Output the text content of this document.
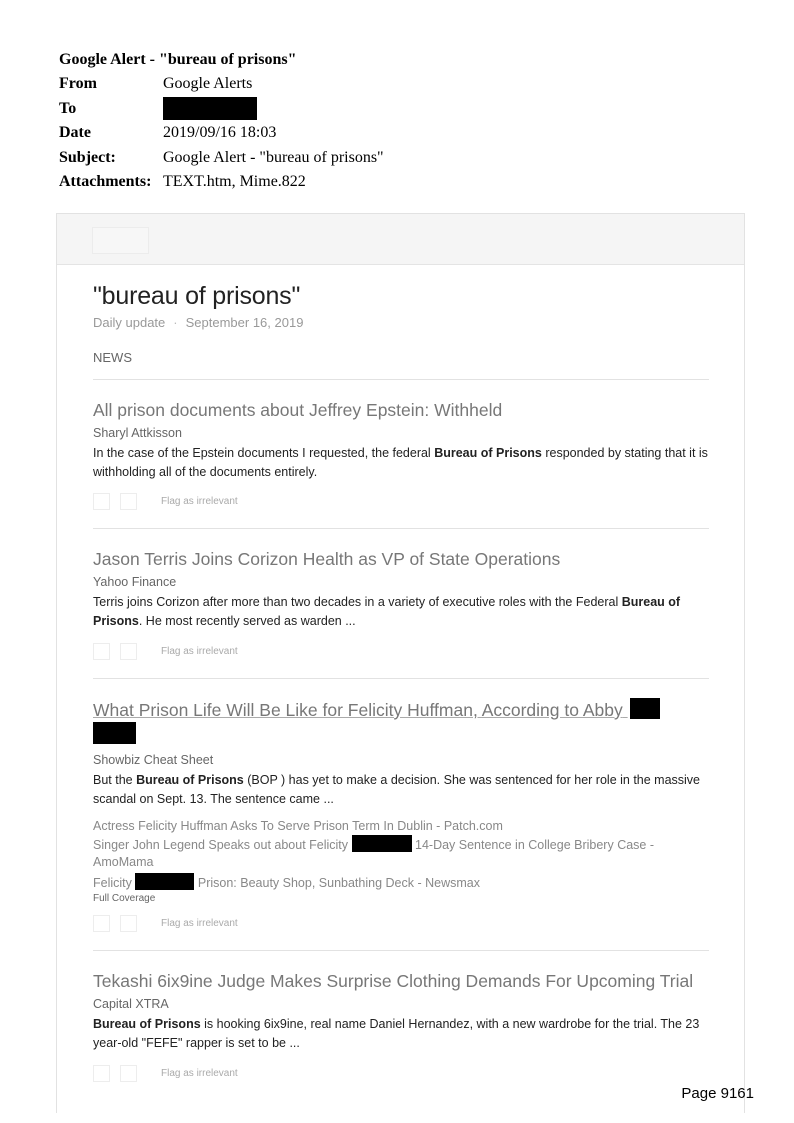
Google Alert - "bureau of prisons"
From	Google Alerts
To
Date	2019/09/16 18:03
Subject:	Google Alert - "bureau of prisons"
Attachments: TEXT.htm, Mime.822
"bureau of prisons"
Daily update · September 16, 2019
NEWS
All prison documents about Jeffrey Epstein: Withheld
Sharyl Attkisson
In the case of the Epstein documents I requested, the federal Bureau of Prisons responded by stating that it is withholding all of the documents entirely.
Flag as irrelevant
Jason Terris Joins Corizon Health as VP of State Operations
Yahoo Finance
Terris joins Corizon after more than two decades in a variety of executive roles with the Federal Bureau of Prisons. He most recently served as warden ...
Flag as irrelevant
What Prison Life Will Be Like for Felicity Huffman, According to Abby

Showbiz Cheat Sheet
But the Bureau of Prisons (BOP ) has yet to make a decision. She was sentenced for her role in the massive scandal on Sept. 13. The sentence came ...
Actress Felicity Huffman Asks To Serve Prison Term In Dublin - Patch.com
Singer John Legend Speaks out about Felicity	14-Day Sentence in College Bribery Case - AmoMama
Felicity	Prison: Beauty Shop, Sunbathing Deck - Newsmax
Full Coverage
Flag as irrelevant
Tekashi 6ix9ine Judge Makes Surprise Clothing Demands For Upcoming Trial
Capital XTRA
Bureau of Prisons is hooking 6ix9ine, real name Daniel Hernandez, with a new wardrobe for the trial. The 23 year-old "FEFE" rapper is set to be ...
Flag as irrelevant
Page 9161
